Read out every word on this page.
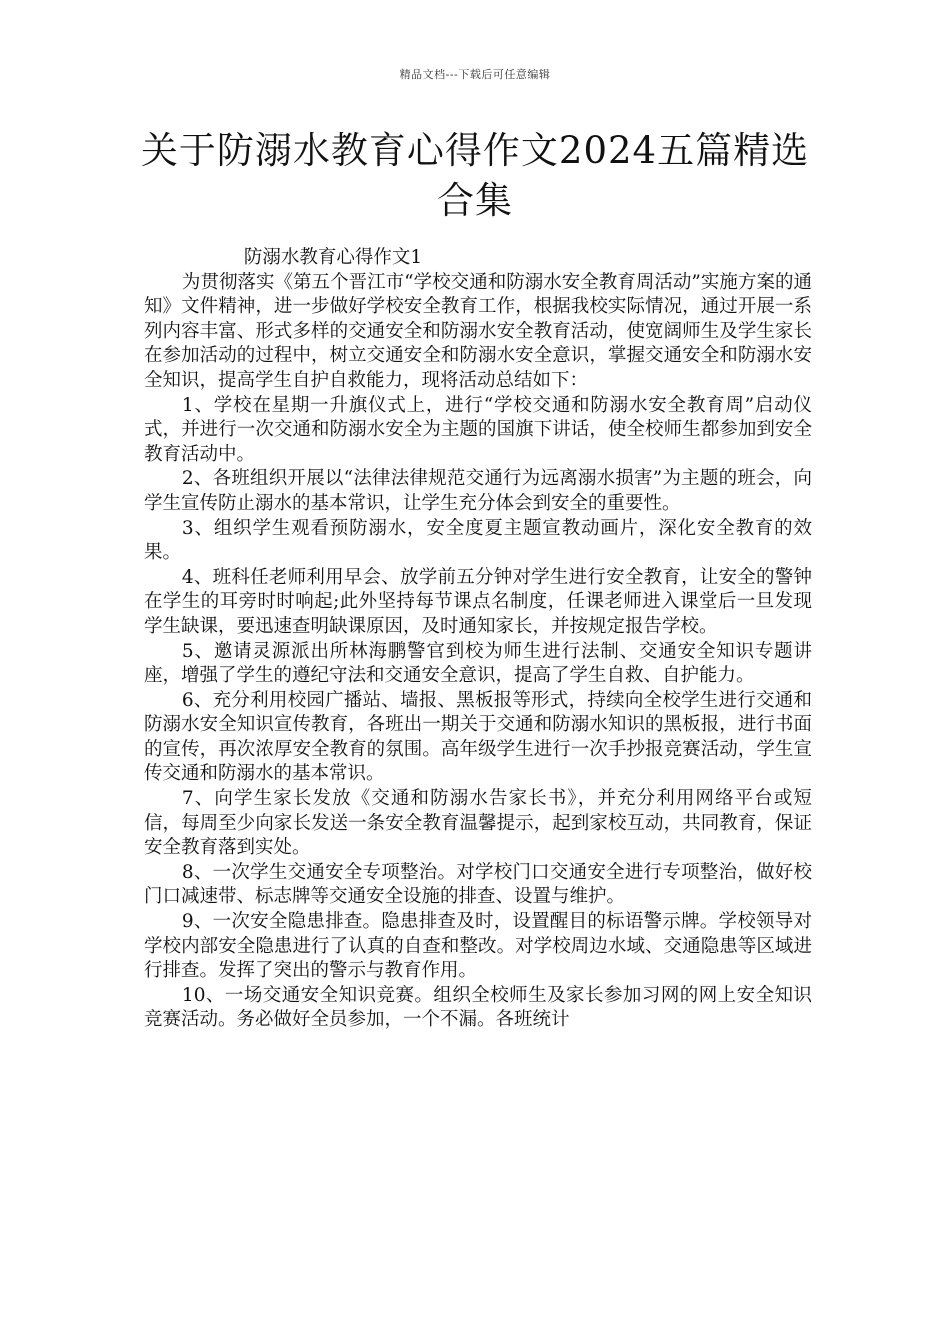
精品文档---下载后可任意编辑
关于防溺水教育心得作文2024五篇精选合集

防溺水教育心得作文1

为贯彻落实《第五个晋江市“学校交通和防溺水安全教育周活动”实施方案的通知》文件精神，进一步做好学校安全教育工作，根据我校实际情况，通过开展一系列内容丰富、形式多样的交通安全和防溺水安全教育活动，使宽阔师生及学生家长在参加活动的过程中，树立交通安全和防溺水安全意识，掌握交通安全和防溺水安全知识，提高学生自护自救能力，现将活动总结如下：

1、学校在星期一升旗仪式上，进行“学校交通和防溺水安全教育周”启动仪式，并进行一次交通和防溺水安全为主题的国旗下讲话，使全校师生都参加到安全教育活动中。

2、各班组织开展以“法律法律规范交通行为远离溺水损害”为主题的班会，向学生宣传防止溺水的基本常识，让学生充分体会到安全的重要性。

3、组织学生观看预防溺水，安全度夏主题宣教动画片，深化安全教育的效果。

4、班科任老师利用早会、放学前五分钟对学生进行安全教育，让安全的警钟在学生的耳旁时时响起;此外坚持每节课点名制度，任课老师进入课堂后一旦发现学生缺课，要迅速查明缺课原因，及时通知家长，并按规定报告学校。

5、邀请灵源派出所林海鹏警官到校为师生进行法制、交通安全知识专题讲座，增强了学生的遵纪守法和交通安全意识，提高了学生自救、自护能力。

6、充分利用校园广播站、墙报、黑板报等形式，持续向全校学生进行交通和防溺水安全知识宣传教育，各班出一期关于交通和防溺水知识的黑板报，进行书面的宣传，再次浓厚安全教育的氛围。高年级学生进行一次手抄报竞赛活动，学生宣传交通和防溺水的基本常识。

7、向学生家长发放《交通和防溺水告家长书》，并充分利用网络平台或短信，每周至少向家长发送一条安全教育温馨提示，起到家校互动，共同教育，保证安全教育落到实处。

8、一次学生交通安全专项整治。对学校门口交通安全进行专项整治，做好校门口减速带、标志牌等交通安全设施的排查、设置与维护。

9、一次安全隐患排查。隐患排查及时，设置醒目的标语警示牌。学校领导对学校内部安全隐患进行了认真的自查和整改。对学校周边水域、交通隐患等区域进行排查。发挥了突出的警示与教育作用。

10、一场交通安全知识竞赛。组织全校师生及家长参加习网的网上安全知识竞赛活动。务必做好全员参加，一个不漏。各班统计
